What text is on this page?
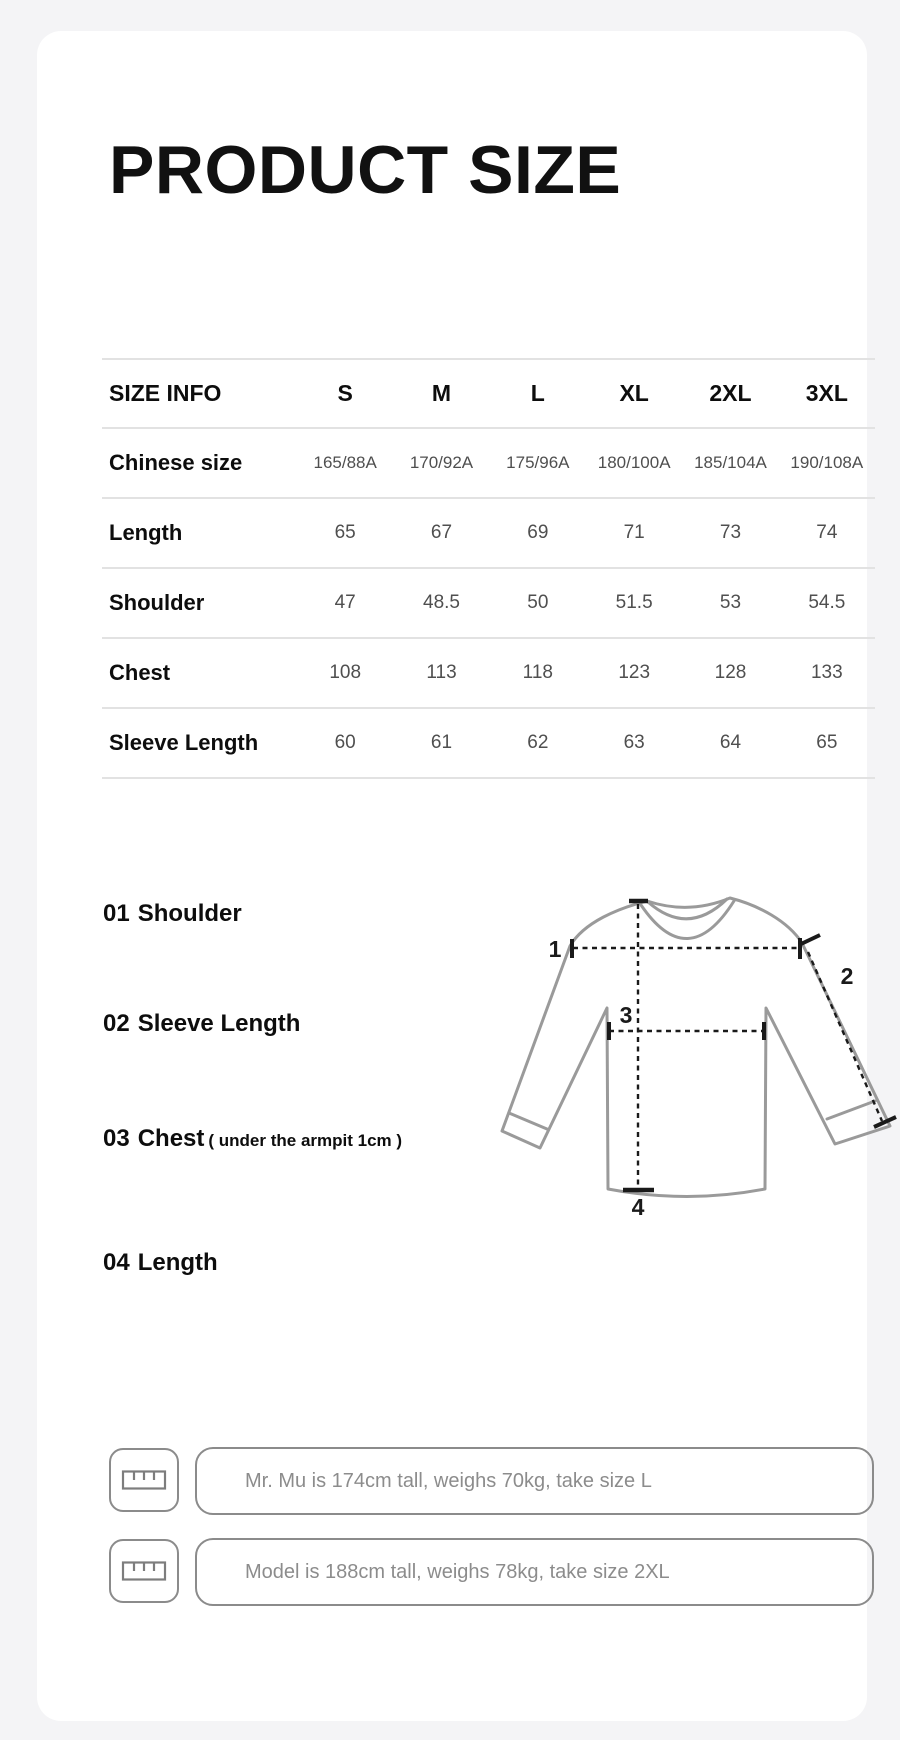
PRODUCT SIZE
SIZE INFO	S	M	L	XL	2XL	3XL
Chinese size	165/88A	170/92A	175/96A	180/100A	185/104A	190/108A
Length	65	67	69	71	73	74
Shoulder	47	48.5	50	51.5	53	54.5
Chest	108	113	118	123	128	133
Sleeve Length	60	61	62	63	64	65
01 Shoulder
02 Sleeve Length
03 Chest ( under the armpit 1cm )
04 Length
1
2
3
4
Mr. Mu is 174cm tall, weighs 70kg, take size L
Model is 188cm tall, weighs 78kg, take size 2XL
